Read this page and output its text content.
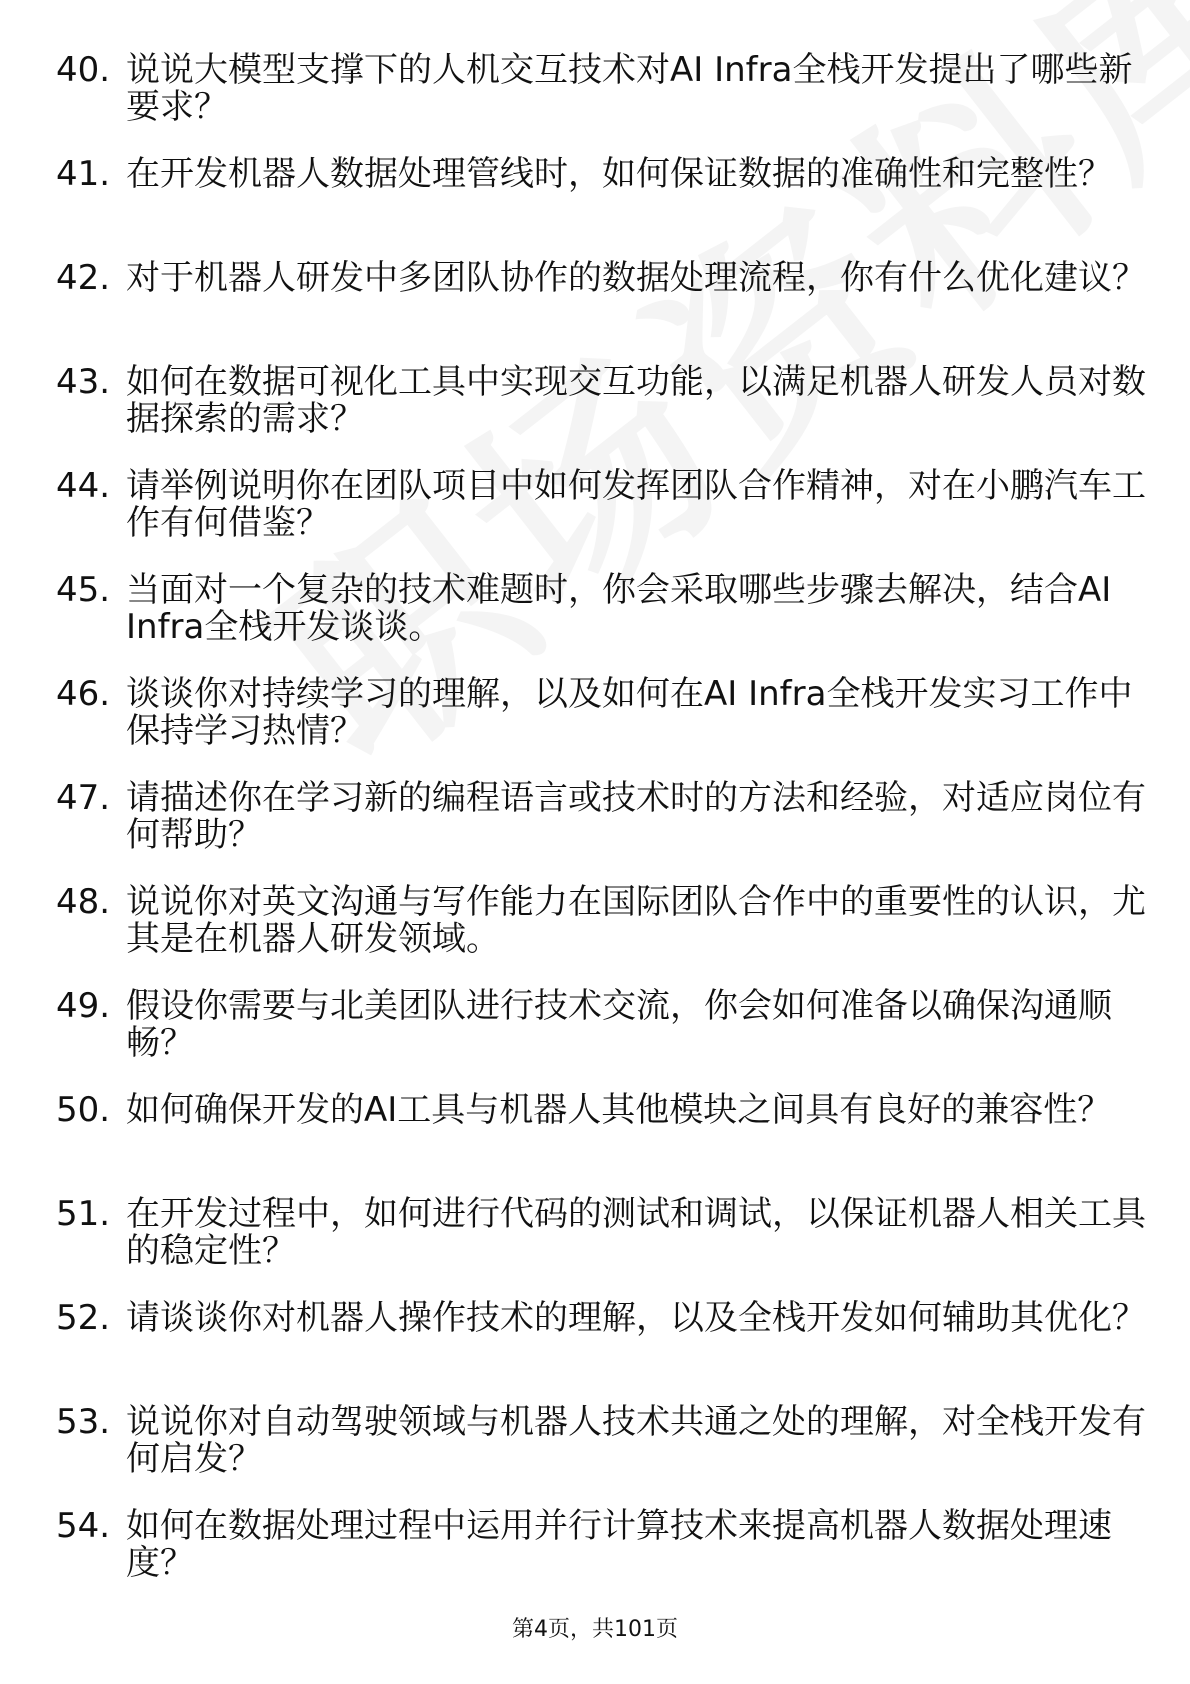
40. 说说大模型支撑下的人机交互技术对AI Infra全栈开发提出了哪些新要求？
41. 在开发机器人数据处理管线时，如何保证数据的准确性和完整性？
42. 对于机器人研发中多团队协作的数据处理流程，你有什么优化建议？
43. 如何在数据可视化工具中实现交互功能，以满足机器人研发人员对数据探索的需求？
44. 请举例说明你在团队项目中如何发挥团队合作精神，对在小鹏汽车工作有何借鉴？
45. 当面对一个复杂的技术难题时，你会采取哪些步骤去解决，结合AI Infra全栈开发谈谈。
46. 谈谈你对持续学习的理解，以及如何在AI Infra全栈开发实习工作中保持学习热情？
47. 请描述你在学习新的编程语言或技术时的方法和经验，对适应岗位有何帮助？
48. 说说你对英文沟通与写作能力在国际团队合作中的重要性的认识，尤其是在机器人研发领域。
49. 假设你需要与北美团队进行技术交流，你会如何准备以确保沟通顺畅？
50. 如何确保开发的AI工具与机器人其他模块之间具有良好的兼容性？
51. 在开发过程中，如何进行代码的测试和调试，以保证机器人相关工具的稳定性？
52. 请谈谈你对机器人操作技术的理解，以及全栈开发如何辅助其优化？
53. 说说你对自动驾驶领域与机器人技术共通之处的理解，对全栈开发有何启发？
54. 如何在数据处理过程中运用并行计算技术来提高机器人数据处理速度？
第4页，共101页
